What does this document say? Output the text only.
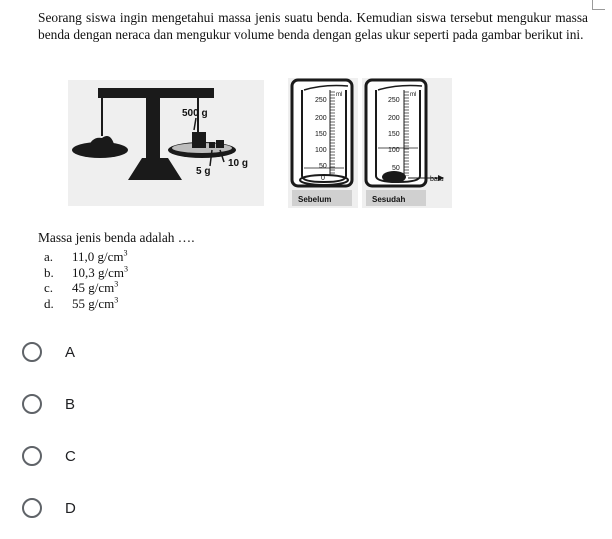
Seorang siswa ingin mengetahui massa jenis suatu benda. Kemudian siswa tersebut mengukur massa benda dengan neraca dan mengukur volume benda dengan gelas ukur seperti pada gambar berikut ini.
500 g
5 g
10 g
250
200
150
100
50
0
ml
Sebelum
250
200
150
100
50
ml
batu
Sesudah
Massa jenis benda adalah ….
a.	11,0 $g/cm^3$
b.	10,3 $g/cm^3$
c.	45 $g/cm^3$
d.	55 $g/cm^3$
A
B
C
D
